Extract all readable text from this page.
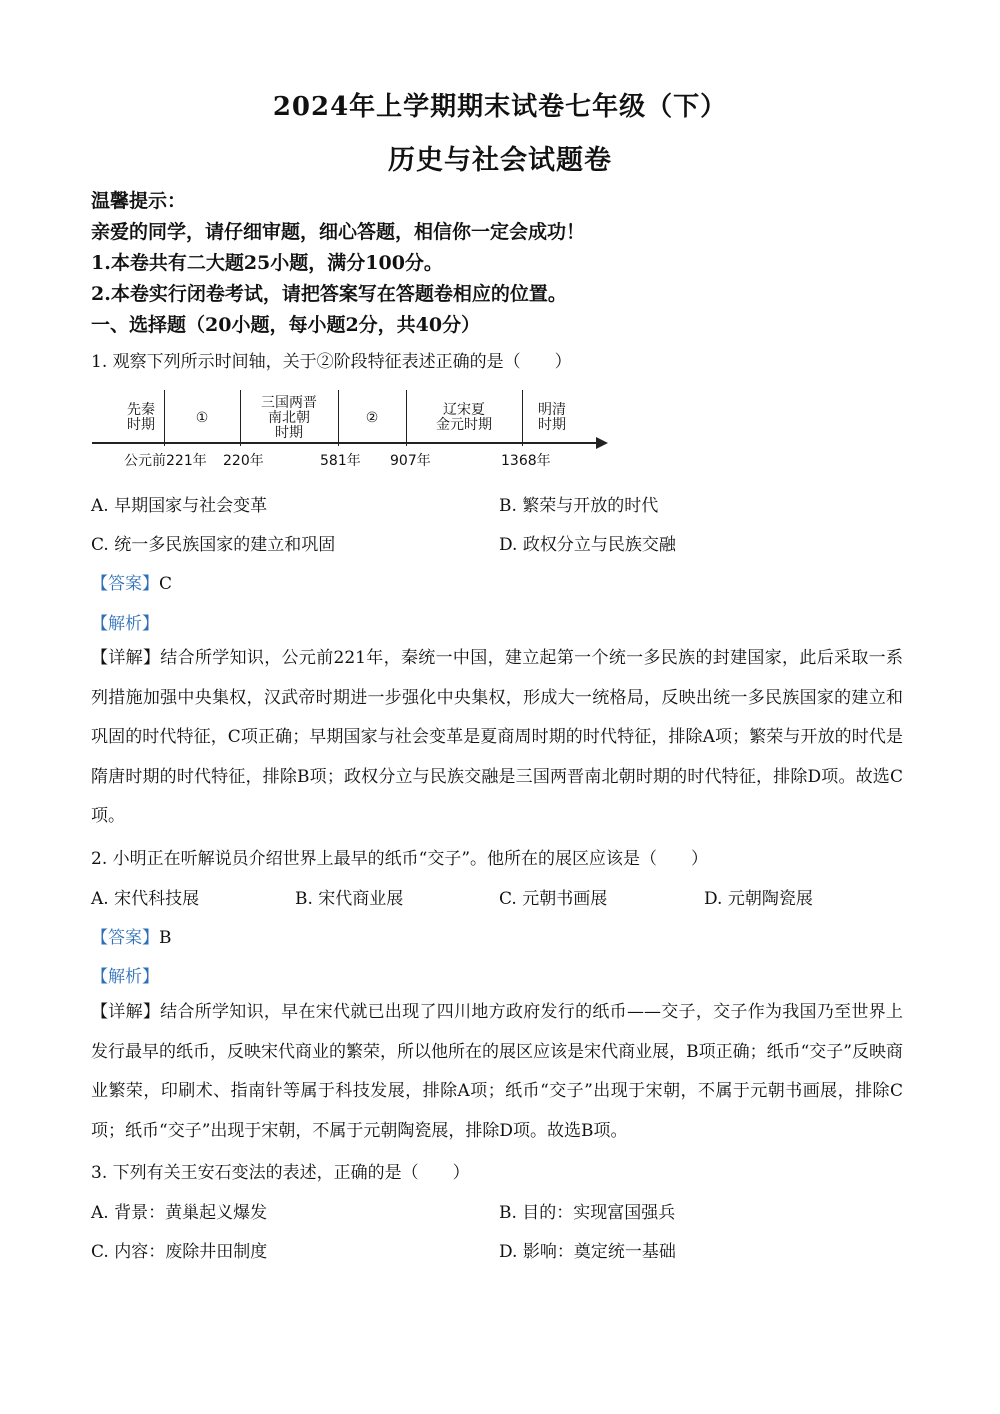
2024年上学期期末试卷七年级（下）
历史与社会试题卷
温馨提示：
亲爱的同学，请仔细审题，细心答题，相信你一定会成功！
1.本卷共有二大题25小题，满分100分。
2.本卷实行闭卷考试，请把答案写在答题卷相应的位置。
一、选择题（20小题，每小题2分，共40分）
1. 观察下列所示时间轴，关于②阶段特征表述正确的是（　　）
先秦
时期	①
三国两晋
南北朝
时期
②	辽宋夏
金元时期
明清
时期
公元前221年 220年	581年 907年	1368年
A. 早期国家与社会变革	B. 繁荣与开放的时代
C. 统一多民族国家的建立和巩固	D. 政权分立与民族交融
【答案】C
【解析】
【详解】结合所学知识，公元前221年，秦统一中国，建立起第一个统一多民族的封建国家，此后采取一系列措施加强中央集权，汉武帝时期进一步强化中央集权，形成大一统格局，反映出统一多民族国家的建立和巩固的时代特征，C项正确；早期国家与社会变革是夏商周时期的时代特征，排除A项；繁荣与开放的时代是隋唐时期的时代特征，排除B项；政权分立与民族交融是三国两晋南北朝时期的时代特征，排除D项。故选C项。
2. 小明正在听解说员介绍世界上最早的纸币“交子”。他所在的展区应该是（　　）
A. 宋代科技展	B. 宋代商业展	C. 元朝书画展	D. 元朝陶瓷展
【答案】B
【解析】
【详解】结合所学知识，早在宋代就已出现了四川地方政府发行的纸币——交子，交子作为我国乃至世界上发行最早的纸币，反映宋代商业的繁荣，所以他所在的展区应该是宋代商业展，B项正确；纸币“交子”反映商业繁荣，印刷术、指南针等属于科技发展，排除A项；纸币“交子”出现于宋朝，不属于元朝书画展，排除C项；纸币“交子”出现于宋朝，不属于元朝陶瓷展，排除D项。故选B项。
3. 下列有关王安石变法的表述，正确的是（　　）
A. 背景：黄巢起义爆发	B. 目的：实现富国强兵
C. 内容：废除井田制度	D. 影响：奠定统一基础
